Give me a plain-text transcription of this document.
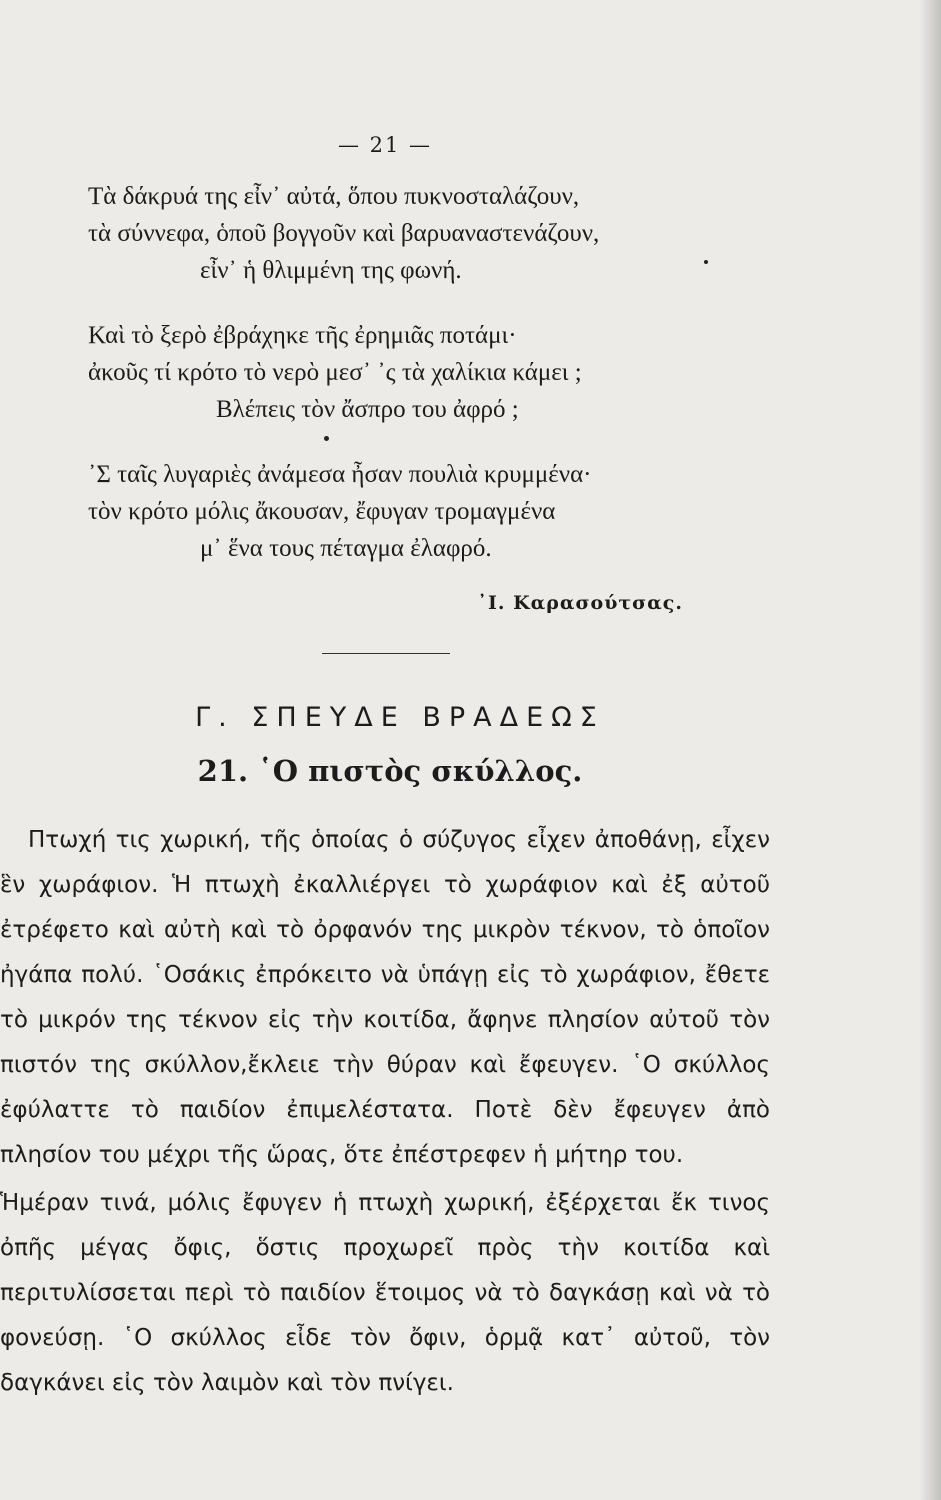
— 21 —
Τὰ δάκρυά της εἶν᾽ αὐτά, ὅπου πυκνοσταλάζουν,
τὰ σύννεφα, ὁποῦ βογγοῦν καὶ βαρυαναστενάζουν,
εἶν᾽ ἡ θλιμμένη της φωνή.
Καὶ τὸ ξερὸ ἐβράχηκε τῆς ἐρημιᾶς ποτάμι·
ἀκοῦς τί κρότο τὸ νερὸ μεσ᾽ ᾽ς τὰ χαλίκια κάμει ;
Βλέπεις τὸν ἄσπρο του ἀφρό ;
᾽Σ ταῖς λυγαριὲς ἀνάμεσα ἦσαν πουλιὰ κρυμμένα·
τὸν κρότο μόλις ἄκουσαν, ἔφυγαν τρομαγμένα
μ᾽ ἕνα τους πέταγμα ἐλαφρό.
᾽Ι. Καρασούτσας.
Γ. ΣΠΕΥΔΕ ΒΡΑΔΕΩΣ
21. ῾Ο πιστὸς σκύλλος.

Πτωχή τις χωρική, τῆς ὁποίας ὁ σύζυγος εἶχεν ἀποθάνῃ, εἶχεν ἓν χωράφιον. Ἡ πτωχὴ ἐκαλλιέργει τὸ χωράφιον καὶ ἐξ αὐτοῦ ἐτρέφετο καὶ αὐτὴ καὶ τὸ ὀρφανόν της μικρὸν τέκνον, τὸ ὁποῖον ἠγάπα πολύ. ῾Οσάκις ἐπρόκειτο νὰ ὑπάγῃ εἰς τὸ χωράφιον, ἔθετε τὸ μικρόν της τέκνον εἰς τὴν κοιτίδα, ἄφηνε πλησίον αὐτοῦ τὸν πιστόν της σκύλλον,ἔκλειε τὴν θύραν καὶ ἔφευγεν. ῾Ο σκύλλος ἐφύλαττε τὸ παιδίον ἐπιμελέστατα. Ποτὲ δὲν ἔφευγεν ἀπὸ πλησίον του μέχρι τῆς ὥρας, ὅτε ἐπέστρεφεν ἡ μήτηρ του.

Ἡμέραν τινά, μόλις ἔφυγεν ἡ πτωχὴ χωρική, ἐξέρχεται ἔκ τινος ὀπῆς μέγας ὄφις, ὅστις προχωρεῖ πρὸς τὴν κοιτίδα καὶ περιτυλίσσεται περὶ τὸ παιδίον ἕτοιμος νὰ τὸ δαγκάσῃ καὶ νὰ τὸ φονεύσῃ. ῾Ο σκύλλος εἶδε τὸν ὄφιν, ὁρμᾷ κατ᾽ αὐτοῦ, τὸν δαγκάνει εἰς τὸν λαιμὸν καὶ τὸν πνίγει.
